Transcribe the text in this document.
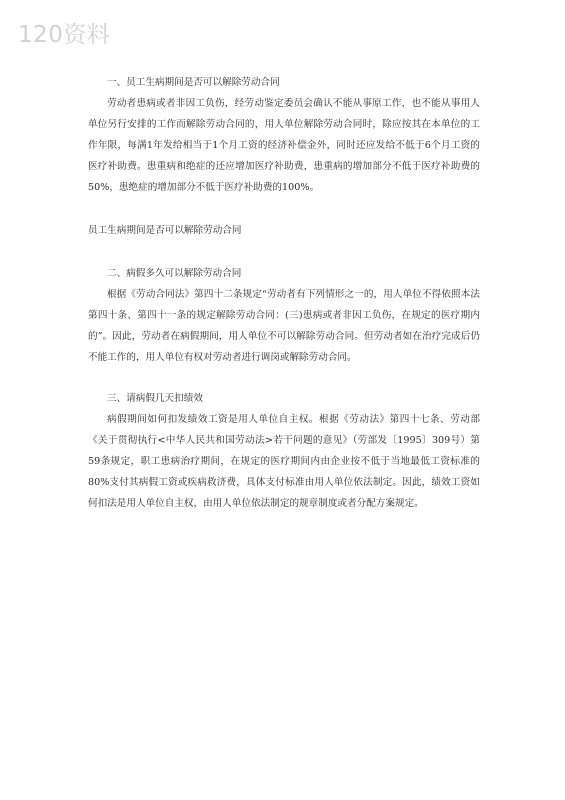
120资料

一、员工生病期间是否可以解除劳动合同

劳动者患病或者非因工负伤，经劳动鉴定委员会确认不能从事原工作，也不能从事用人单位另行安排的工作而解除劳动合同的，用人单位解除劳动合同时，除应按其在本单位的工作年限，每满1年发给相当于1个月工资的经济补偿金外，同时还应发给不低于6个月工资的医疗补助费。患重病和绝症的还应增加医疗补助费，患重病的增加部分不低于医疗补助费的50%，患绝症的增加部分不低于医疗补助费的100%。

员工生病期间是否可以解除劳动合同

二、病假多久可以解除劳动合同

根据《劳动合同法》第四十二条规定“劳动者有下列情形之一的，用人单位不得依照本法第四十条、第四十一条的规定解除劳动合同：(三)患病或者非因工负伤，在规定的医疗期内的”。因此，劳动者在病假期间，用人单位不可以解除劳动合同。但劳动者如在治疗完成后仍不能工作的，用人单位有权对劳动者进行调岗或解除劳动合同。

三、请病假几天扣绩效

病假期间如何扣发绩效工资是用人单位自主权。根据《劳动法》第四十七条、劳动部《关于贯彻执行<中华人民共和国劳动法>若干问题的意见》（劳部发〔1995〕309号）第59条规定，职工患病治疗期间，在规定的医疗期间内由企业按不低于当地最低工资标准的80%支付其病假工资或疾病救济费，具体支付标准由用人单位依法制定。因此，绩效工资如何扣法是用人单位自主权，由用人单位依法制定的规章制度或者分配方案规定。
